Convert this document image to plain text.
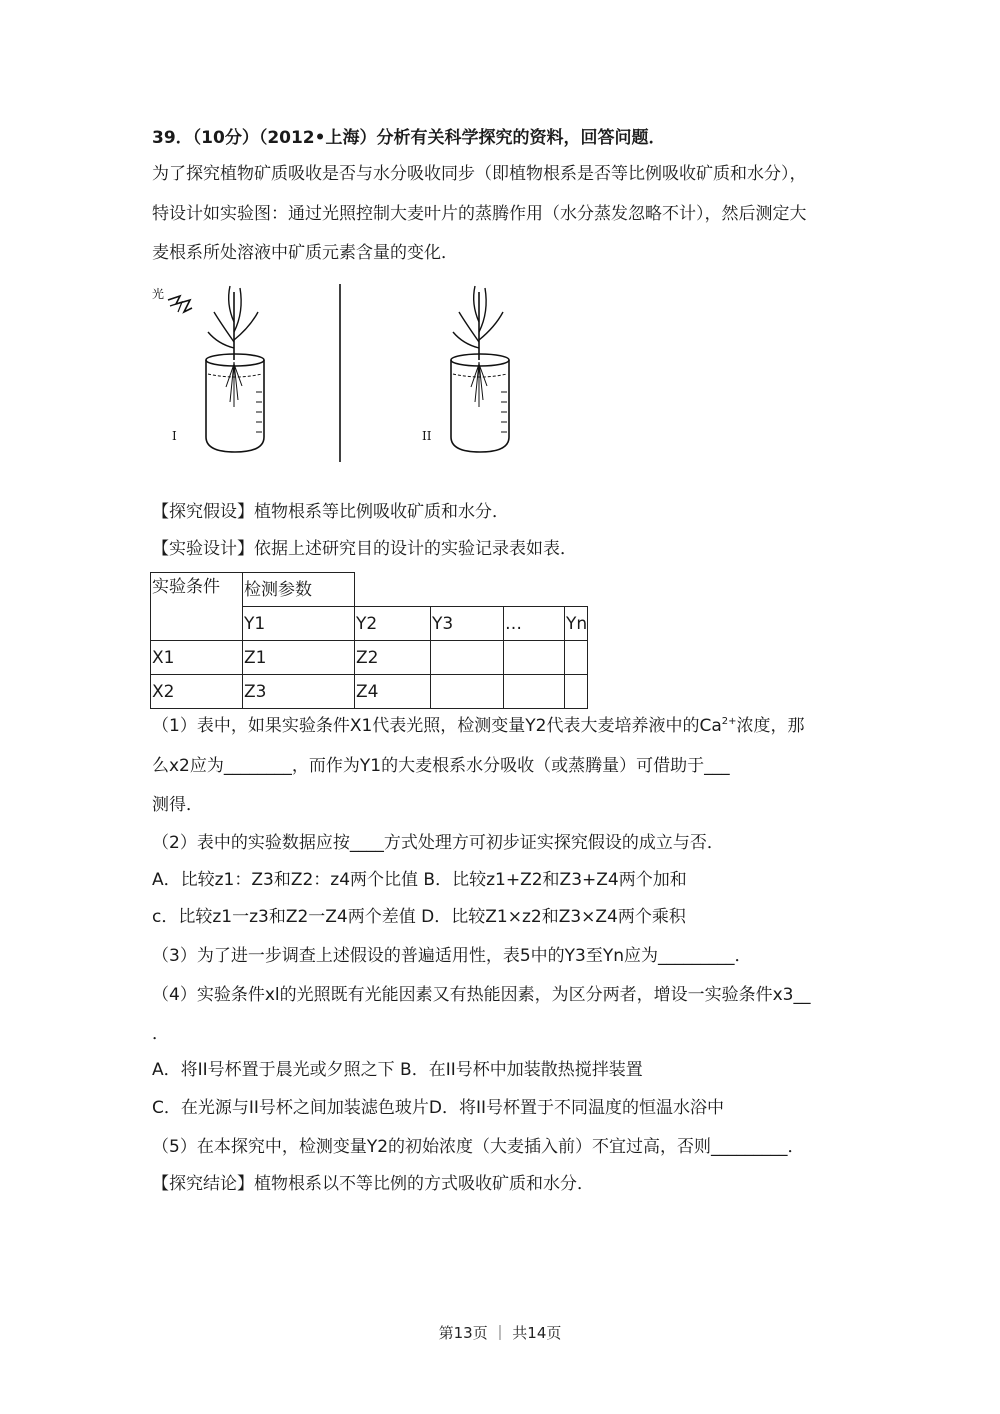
39．（10分）（2012•上海）分析有关科学探究的资料，回答问题．
为了探究植物矿质吸收是否与水分吸收同步（即植物根系是否等比例吸收矿质和水分），
特设计如实验图：通过光照控制大麦叶片的蒸腾作用（水分蒸发忽略不计），然后测定大
麦根系所处溶液中矿质元素含量的变化．
光
I	II
【探究假设】植物根系等比例吸收矿质和水分．
【实验设计】依据上述研究目的设计的实验记录表如表．
实验条件	检测参数				
	Y1	Y2	Y3	…	Yn
X1	Z1	Z2			
X2	Z3	Z4			
（1）表中，如果实验条件X1代表光照，检测变量Y2代表大麦培养液中的$Ca^{2+}$浓度，那
么x2应为________，而作为Y1的大麦根系水分吸收（或蒸腾量）可借助于___
测得．
（2）表中的实验数据应按____方式处理方可初步证实探究假设的成立与否．
A．比较z1：Z3和Z2：z4两个比值 B．比较z1+Z2和Z3+Z4两个加和
c．比较z1一z3和Z2一Z4两个差值 D．比较Z1×z2和Z3×Z4两个乘积
（3）为了进一步调查上述假设的普遍适用性，表5中的Y3至Yn应为_________．
（4）实验条件xl的光照既有光能因素又有热能因素，为区分两者，增设一实验条件x3__
．
A．将II号杯置于晨光或夕照之下 B．在II号杯中加装散热搅拌装置
C．在光源与II号杯之间加装滤色玻片D．将II号杯置于不同温度的恒温水浴中
（5）在本探究中，检测变量Y2的初始浓度（大麦插入前）不宜过高，否则_________．
【探究结论】植物根系以不等比例的方式吸收矿质和水分．
第13页 ｜ 共14页
